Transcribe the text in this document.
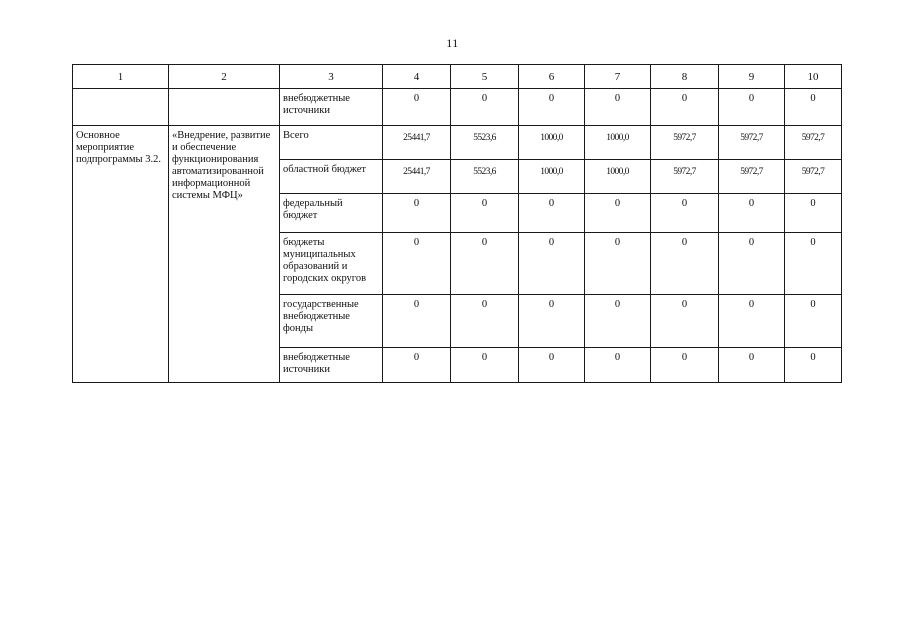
11
1	2	3	4	5	6	7	8	9	10
		внебюджетные источники	0	0	0	0	0	0	0
Основное мероприятие подпрограммы 3.2.	«Внедрение, развитие и обеспечение функционирования автоматизированной информационной системы МФЦ»	Всего	25441,7	5523,6	1000,0	1000,0	5972,7	5972,7	5972,7
		областной бюджет	25441,7	5523,6	1000,0	1000,0	5972,7	5972,7	5972,7
		федеральный бюджет	0	0	0	0	0	0	0
		бюджеты муниципальных образований и городских округов	0	0	0	0	0	0	0
		государственные внебюджетные фонды	0	0	0	0	0	0	0
		внебюджетные источники	0	0	0	0	0	0	0
